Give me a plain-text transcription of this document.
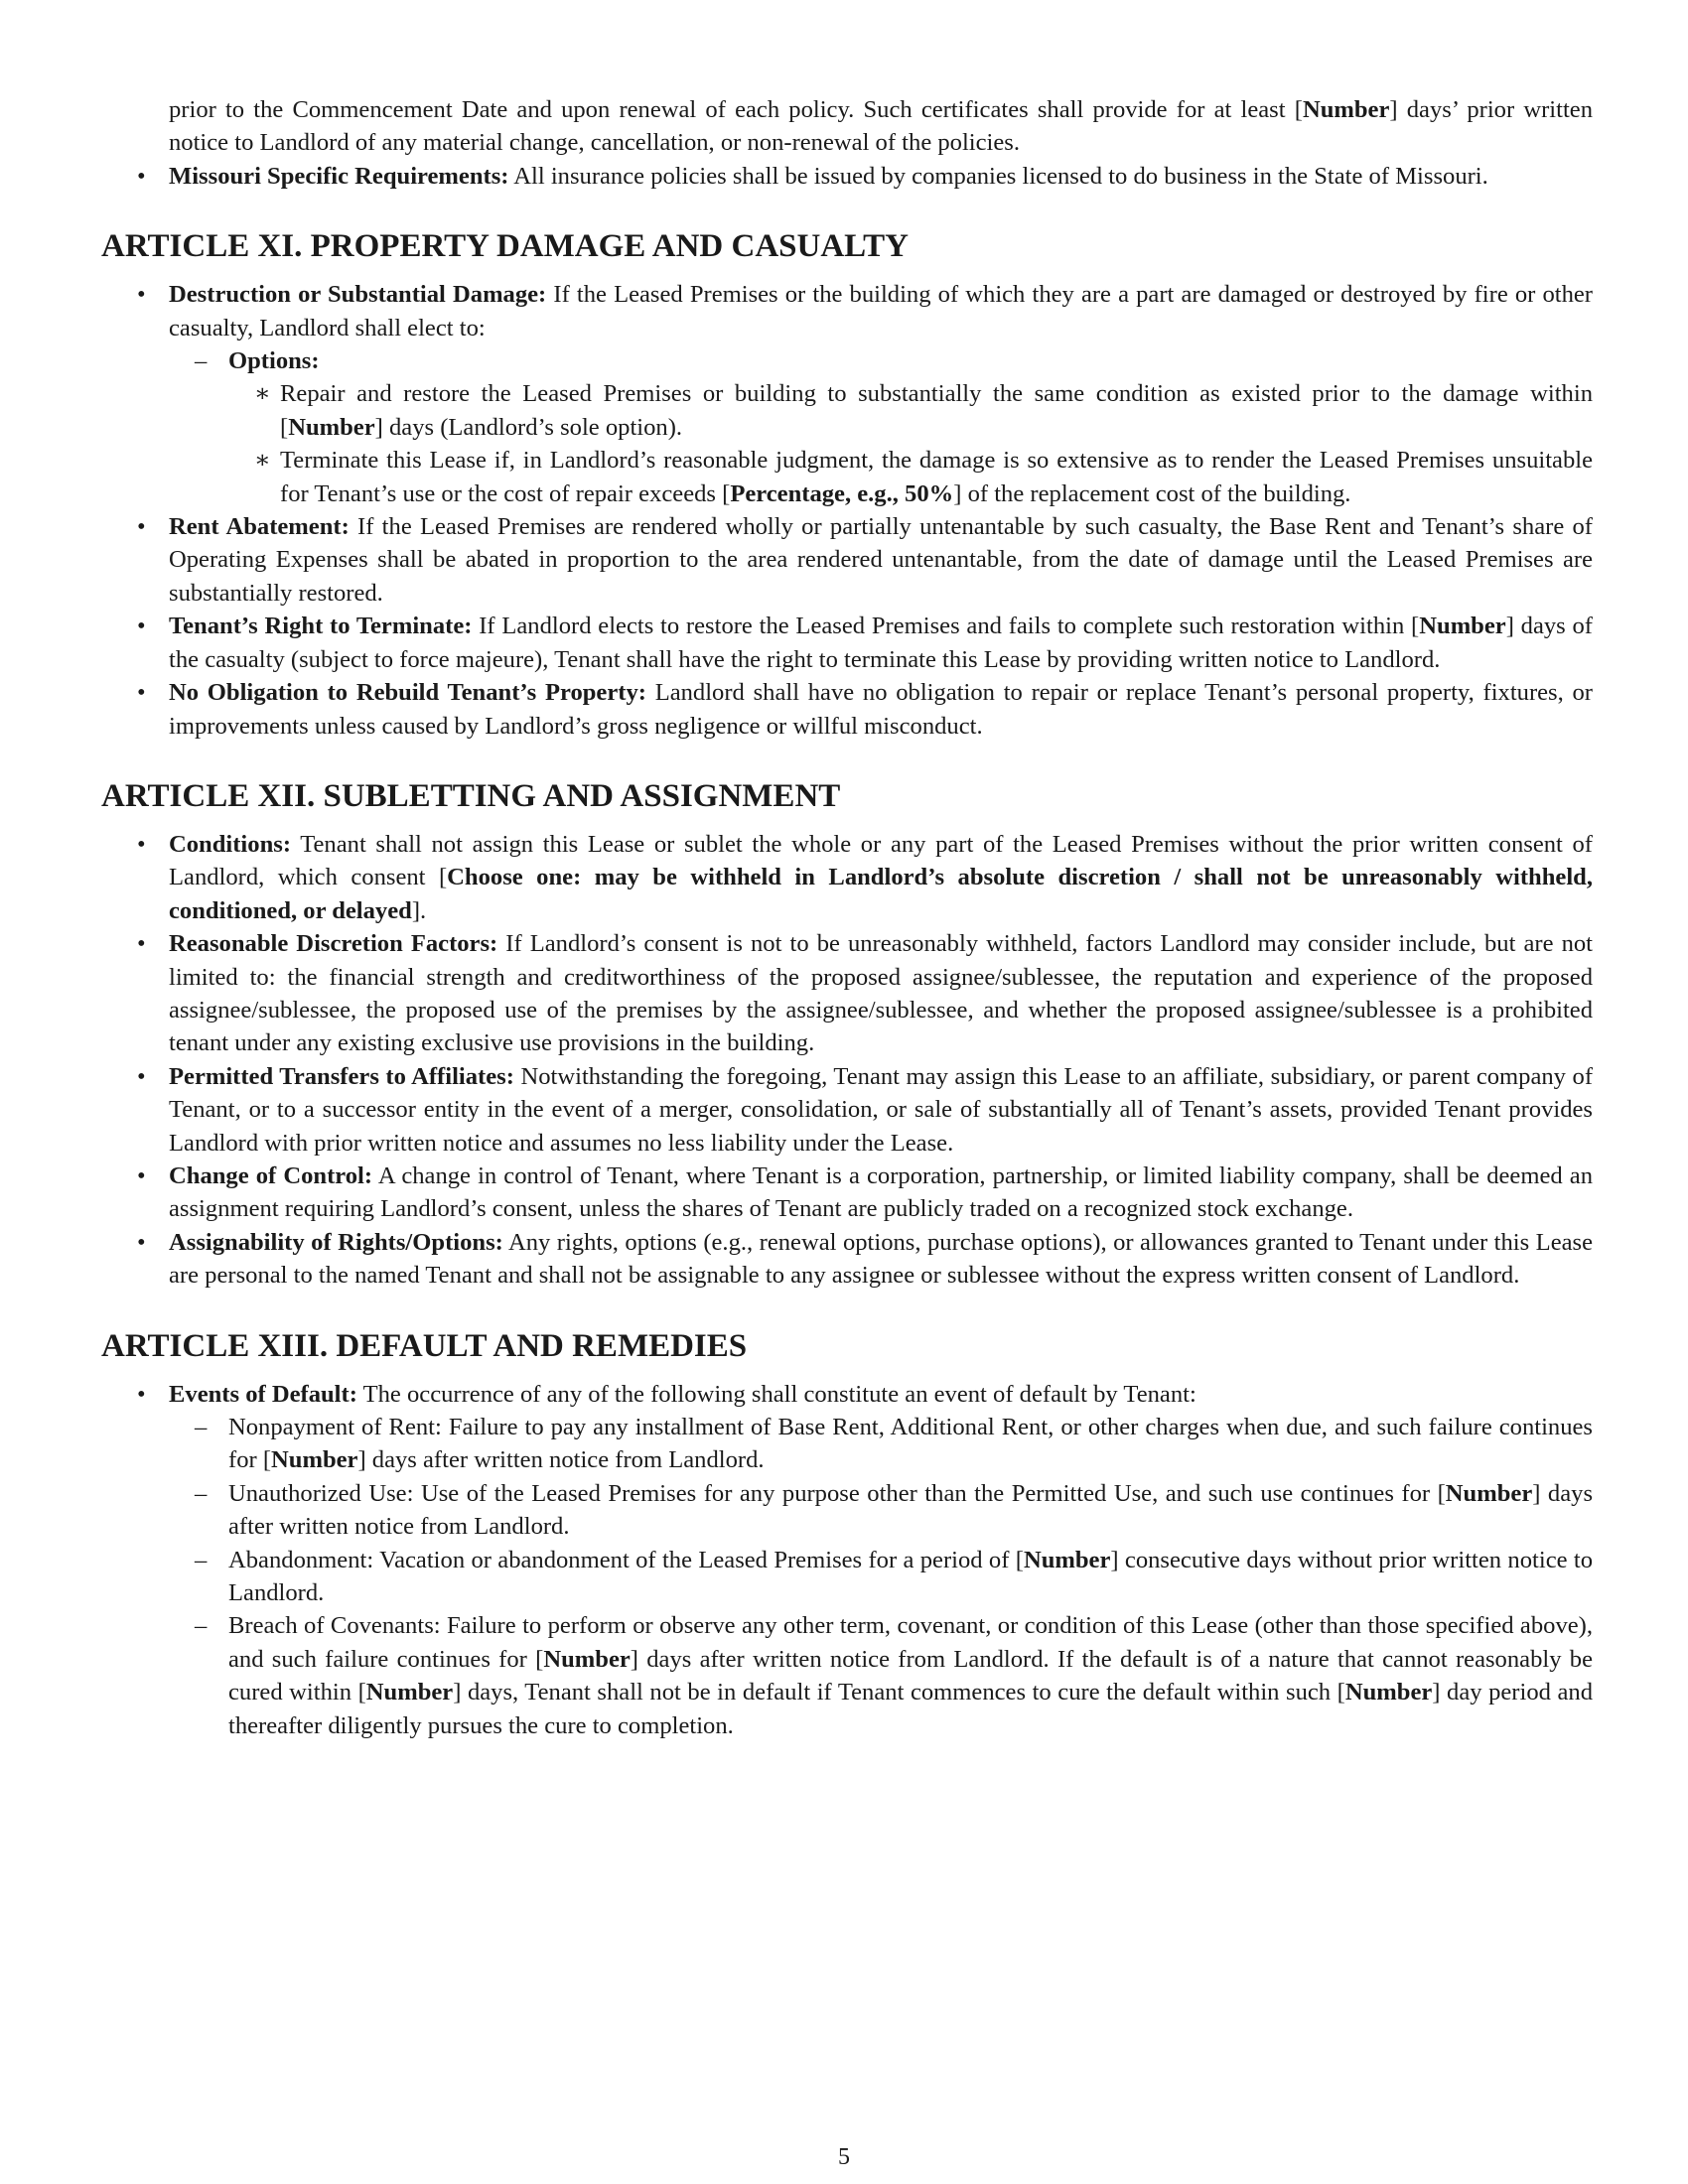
prior to the Commencement Date and upon renewal of each policy. Such certificates shall provide for at least [Number] days’ prior written notice to Landlord of any material change, cancellation, or non-renewal of the policies.

• Missouri Specific Requirements: All insurance policies shall be issued by companies licensed to do business in the State of Missouri.
ARTICLE XI. PROPERTY DAMAGE AND CASUALTY
• Destruction or Substantial Damage: If the Leased Premises or the building of which they are a part are damaged or destroyed by fire or other casualty, Landlord shall elect to:
– Options:
∗ Repair and restore the Leased Premises or building to substantially the same condition as existed prior to the damage within [Number] days (Landlord’s sole option).
∗ Terminate this Lease if, in Landlord’s reasonable judgment, the damage is so extensive as to render the Leased Premises unsuitable for Tenant’s use or the cost of repair exceeds [Percentage, e.g., 50%] of the replacement cost of the building.
• Rent Abatement: If the Leased Premises are rendered wholly or partially untenantable by such casualty, the Base Rent and Tenant’s share of Operating Expenses shall be abated in proportion to the area rendered untenantable, from the date of damage until the Leased Premises are substantially restored.
• Tenant’s Right to Terminate: If Landlord elects to restore the Leased Premises and fails to complete such restoration within [Number] days of the casualty (subject to force majeure), Tenant shall have the right to terminate this Lease by providing written notice to Landlord.
• No Obligation to Rebuild Tenant’s Property: Landlord shall have no obligation to repair or replace Tenant’s personal property, fixtures, or improvements unless caused by Landlord’s gross negligence or willful misconduct.
ARTICLE XII. SUBLETTING AND ASSIGNMENT
• Conditions: Tenant shall not assign this Lease or sublet the whole or any part of the Leased Premises without the prior written consent of Landlord, which consent [Choose one: may be withheld in Landlord’s absolute discretion / shall not be unreasonably withheld, conditioned, or delayed].
• Reasonable Discretion Factors: If Landlord’s consent is not to be unreasonably withheld, factors Landlord may consider include, but are not limited to: the financial strength and creditworthiness of the proposed assignee/sublessee, the reputation and experience of the proposed assignee/sublessee, the proposed use of the premises by the assignee/sublessee, and whether the proposed assignee/sublessee is a prohibited tenant under any existing exclusive use provisions in the building.
• Permitted Transfers to Affiliates: Notwithstanding the foregoing, Tenant may assign this Lease to an affiliate, subsidiary, or parent company of Tenant, or to a successor entity in the event of a merger, consolidation, or sale of substantially all of Tenant’s assets, provided Tenant provides Landlord with prior written notice and assumes no less liability under the Lease.
• Change of Control: A change in control of Tenant, where Tenant is a corporation, partnership, or limited liability company, shall be deemed an assignment requiring Landlord’s consent, unless the shares of Tenant are publicly traded on a recognized stock exchange.
• Assignability of Rights/Options: Any rights, options (e.g., renewal options, purchase options), or allowances granted to Tenant under this Lease are personal to the named Tenant and shall not be assignable to any assignee or sublessee without the express written consent of Landlord.
ARTICLE XIII. DEFAULT AND REMEDIES
• Events of Default: The occurrence of any of the following shall constitute an event of default by Tenant:
– Nonpayment of Rent: Failure to pay any installment of Base Rent, Additional Rent, or other charges when due, and such failure continues for [Number] days after written notice from Landlord.
– Unauthorized Use: Use of the Leased Premises for any purpose other than the Permitted Use, and such use continues for [Number] days after written notice from Landlord.
– Abandonment: Vacation or abandonment of the Leased Premises for a period of [Number] consecutive days without prior written notice to Landlord.
– Breach of Covenants: Failure to perform or observe any other term, covenant, or condition of this Lease (other than those specified above), and such failure continues for [Number] days after written notice from Landlord. If the default is of a nature that cannot reasonably be cured within [Number] days, Tenant shall not be in default if Tenant commences to cure the default within such [Number] day period and thereafter diligently pursues the cure to completion.
5
